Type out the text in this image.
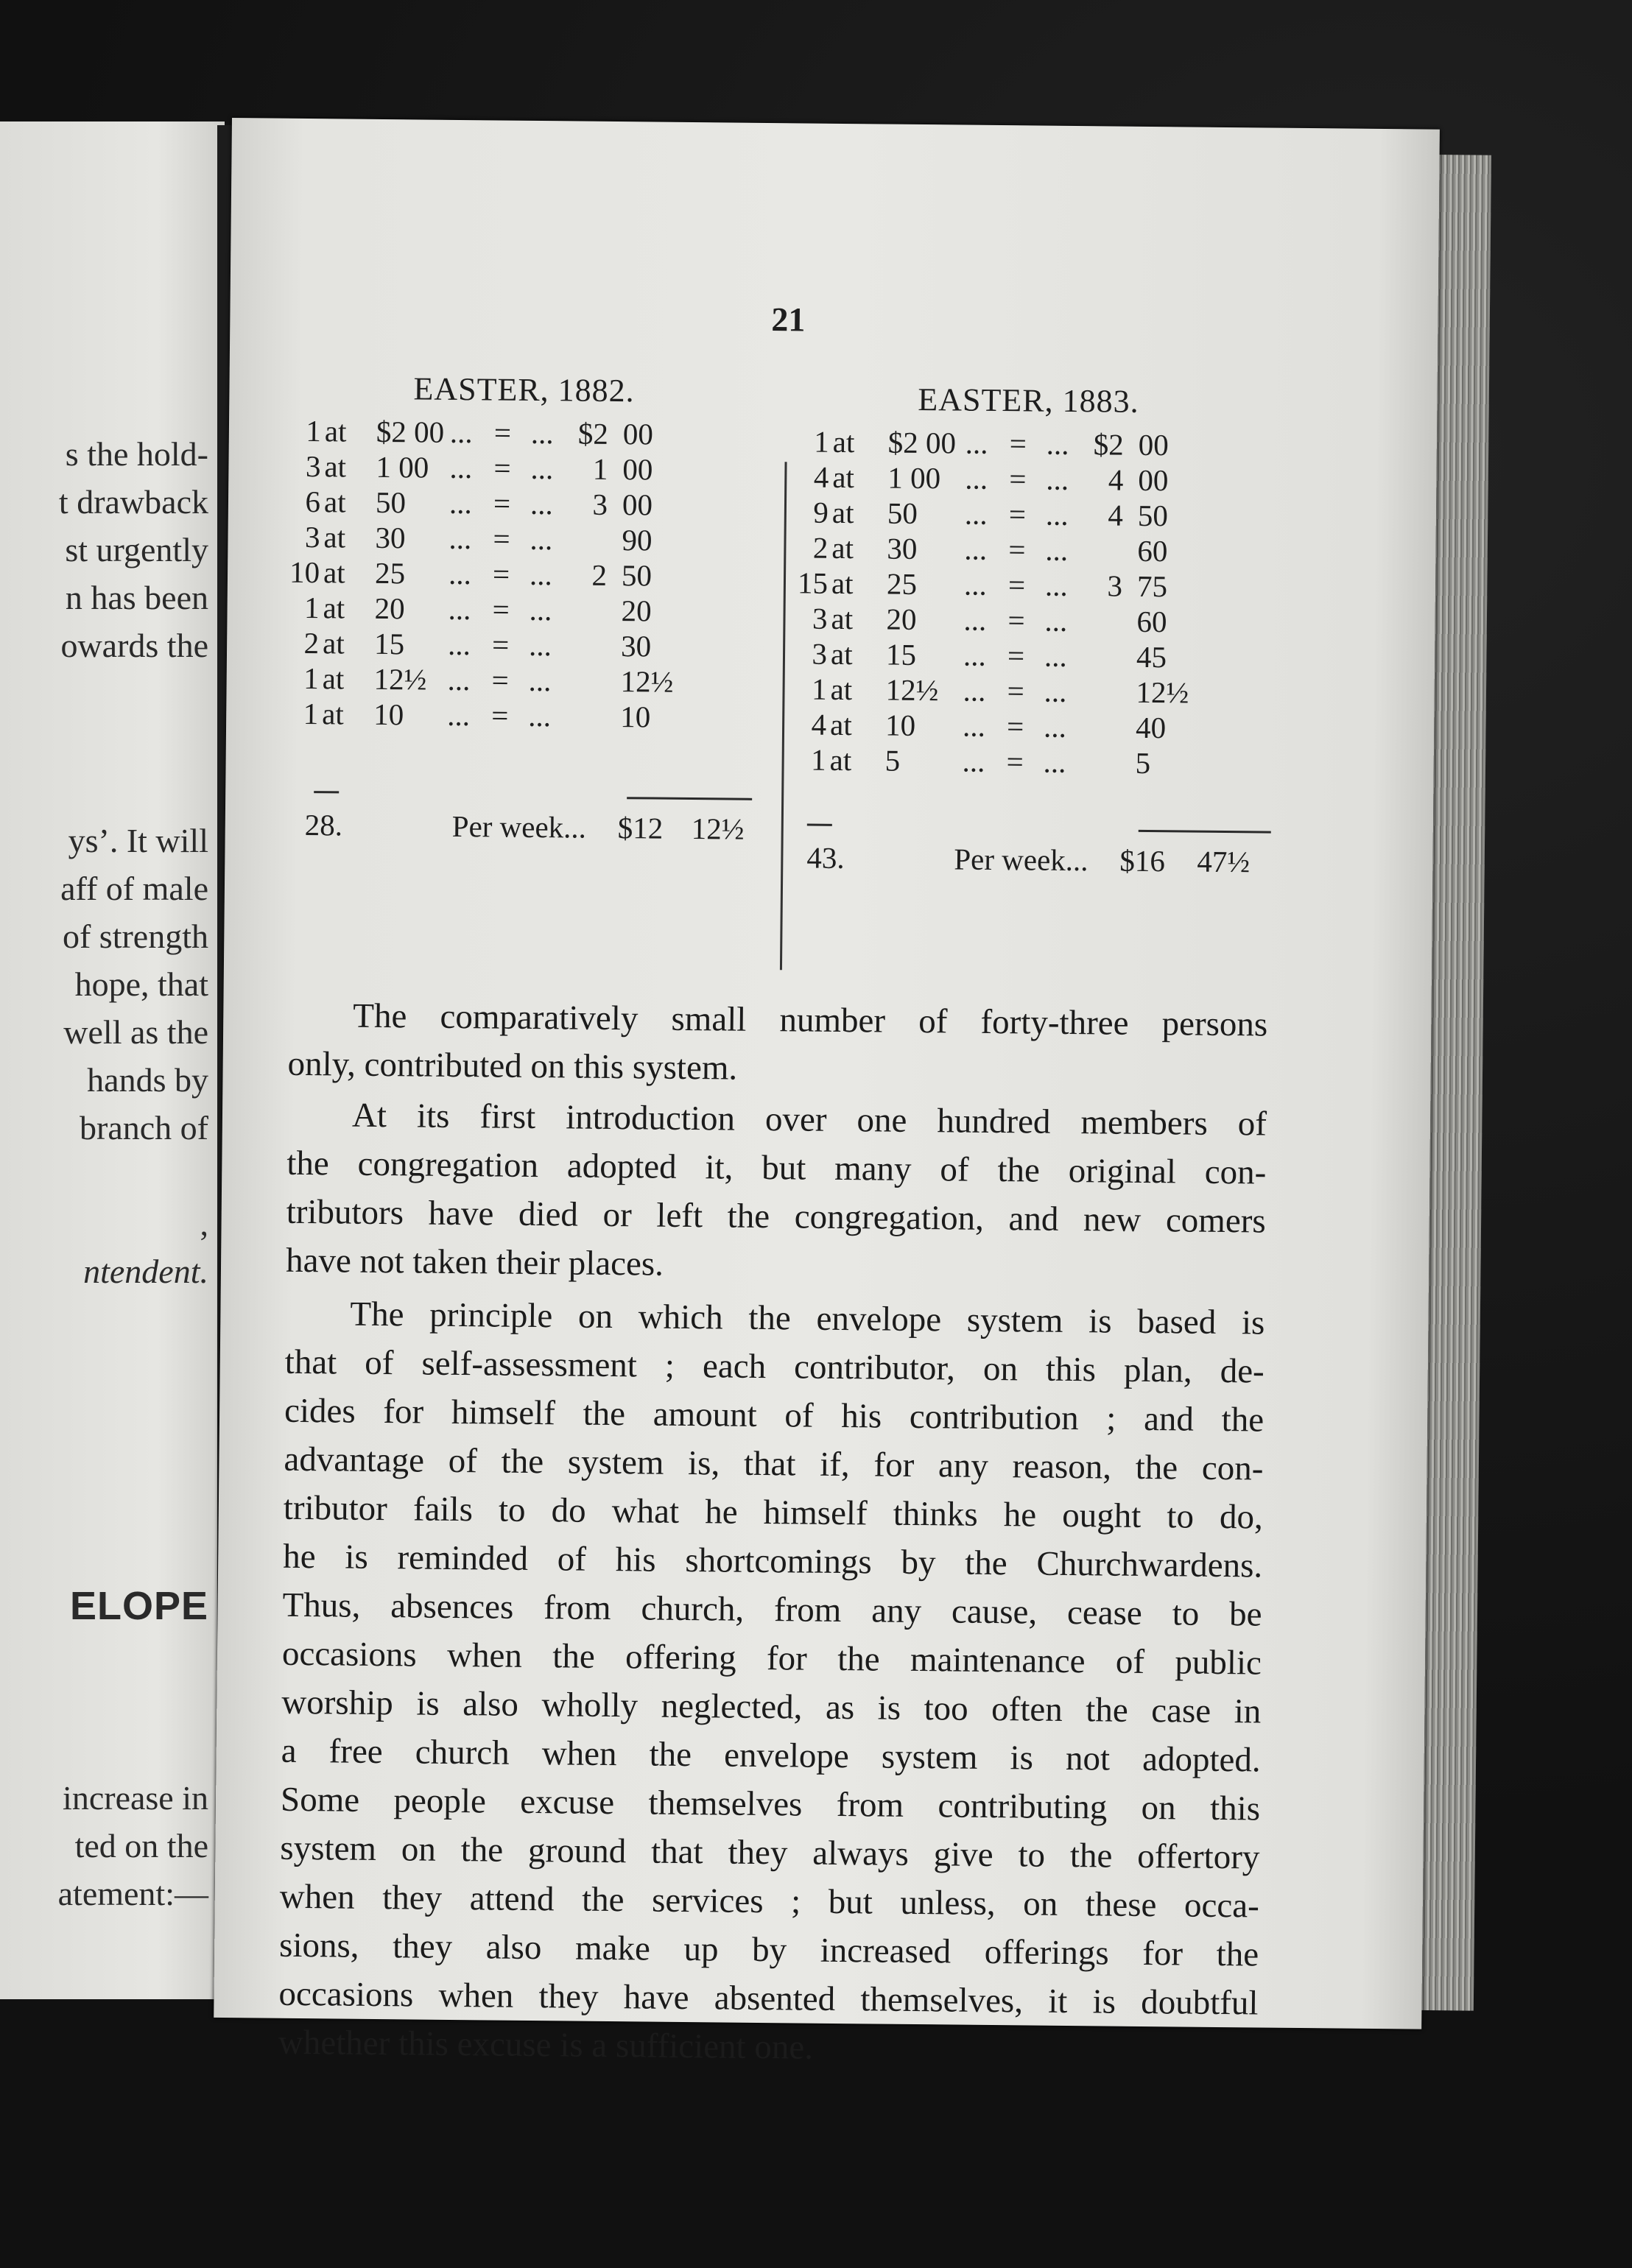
s the hold-
t drawback
st urgently
n has been
owards the
ys’. It will
aff of male
of strength
hope, that
well as the
hands by
branch of
,
ntendent.
ELOPE
increase in
ted on the
atement:—
21
EASTER, 1882.	EASTER, 1883.
1 at $2 00 ... = ... $2 00
3 at 1 00 ... = ...	1 00
6 at 50 ... = ...	3 00
3 at 30 ... = ... 90
10 at 25 ... = ...	2 50
1 at 20 ... = ... 20
2 at 15 ... = ... 30
1 at 12½ ... = ... 12½
1 at 10 ... = ... 10
28.	Per week... $12 12½
1 at $2 00 ... = ... $2 00
4 at 1 00 ... = ...	4 00
9 at 50 ... = ...	4 50
2 at 30 ... = ... 60
15 at 25 ... = ...	3 75
3 at 20 ... = ... 60
3 at 15 ... = ... 45
1 at 12½ ... = ... 12½
4 at 10 ... = ... 40
1 at 5 ... = ... 5
43.	Per week... $16 47½
The comparatively small number of forty-three persons
only, contributed on this system.
At its first introduction over one hundred members of
the congregation adopted it, but many of the original con-
tributors have died or left the congregation, and new comers
have not taken their places.
The principle on which the envelope system is based is
that of self-assessment ; each contributor, on this plan, de-
cides for himself the amount of his contribution ; and the
advantage of the system is, that if, for any reason, the con-
tributor fails to do what he himself thinks he ought to do,
he is reminded of his shortcomings by the Churchwardens.
Thus, absences from church, from any cause, cease to be
occasions when the offering for the maintenance of public
worship is also wholly neglected, as is too often the case in
a free church when the envelope system is not adopted.
Some people excuse themselves from contributing on this
system on the ground that they always give to the offertory
when they attend the services ; but unless, on these occa-
sions, they also make up by increased offerings for the
occasions when they have absented themselves, it is doubtful
whether this excuse is a sufficient one.
